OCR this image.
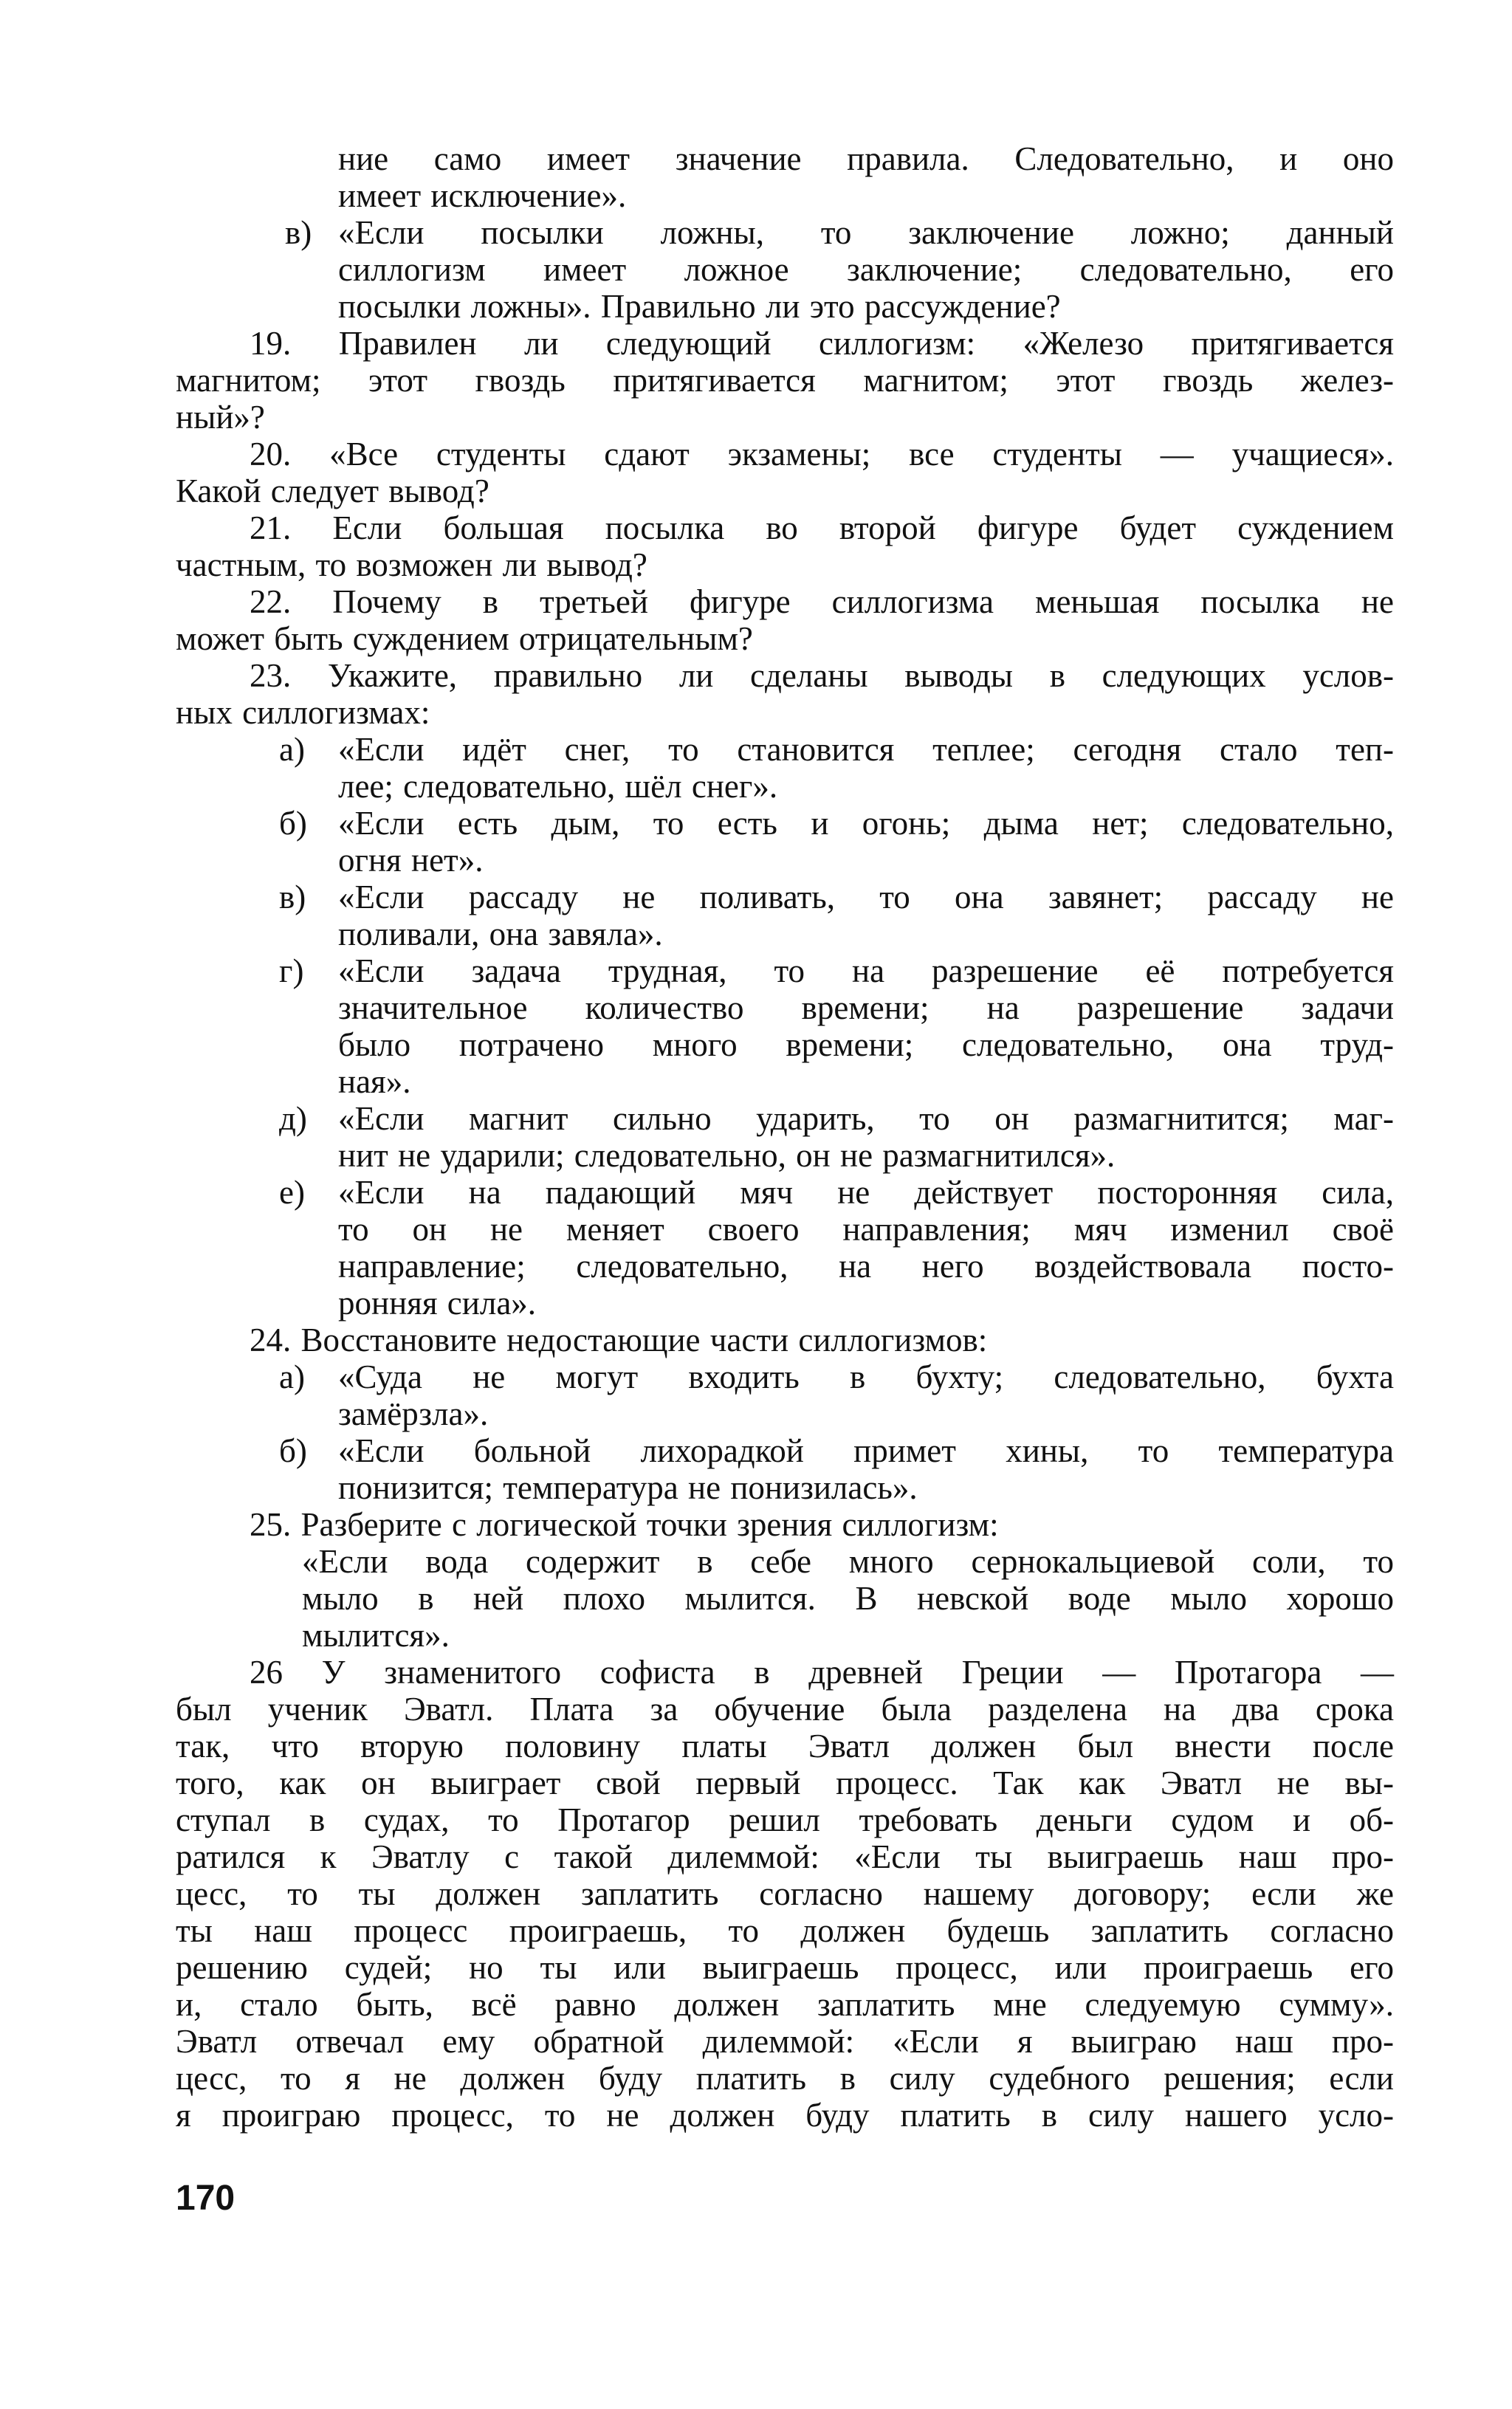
ние само имеет значение правила. Следовательно, и оно
имеет исключение».
в) «Если посылки ложны, то заключение ложно; данный
силлогизм имеет ложное заключение; следовательно, его
посылки ложны». Правильно ли это рассуждение?
19. Правилен ли следующий силлогизм: «Железо притягивается
магнитом; этот гвоздь притягивается магнитом; этот гвоздь желез-
ный»?
20. «Все студенты сдают экзамены; все студенты — учащиеся».
Какой следует вывод?
21. Если большая посылка во второй фигуре будет суждением
частным, то возможен ли вывод?
22. Почему в третьей фигуре силлогизма меньшая посылка не
может быть суждением отрицательным?
23. Укажите, правильно ли сделаны выводы в следующих услов-
ных силлогизмах:
а)	«Если идёт снег, то становится теплее; сегодня стало теп-
лее; следовательно, шёл снег».
б) «Если есть дым, то есть и огонь; дыма нет; следовательно,
огня нет».
в) «Если рассаду не поливать, то она завянет; рассаду не
поливали, она завяла».
г)	«Если задача трудная, то на разрешение её потребуется
значительное количество времени; на разрешение задачи
было потрачено много времени; следовательно, она труд-
ная».
д) «Если магнит сильно ударить, то он размагнитится; маг-
нит не ударили; следовательно, он не размагнитился».
е)	«Если на падающий мяч не действует посторонняя сила,
то он не меняет своего направления; мяч изменил своё
направление; следовательно, на него воздействовала посто-
ронняя сила».
24. Восстановите недостающие части силлогизмов:
а)	«Суда не могут входить в бухту; следовательно, бухта
замёрзла».
б) «Если больной лихорадкой примет хины, то температура
понизится; температура не понизилась».
25. Разберите с логической точки зрения силлогизм:
«Если вода содержит в себе много сернокальциевой соли, то
мыло в ней плохо мылится. В невской воде мыло хорошо
мылится».
26 У знаменитого софиста в древней Греции — Протагора —
был ученик Эватл. Плата за обучение была разделена на два срока
так, что вторую половину платы Эватл должен был внести после
того, как он выиграет свой первый процесс. Так как Эватл не вы-
ступал в судах, то Протагор решил требовать деньги судом и об-
ратился к Эватлу с такой дилеммой: «Если ты выиграешь наш про-
цесс, то ты должен заплатить согласно нашему договору; если же
ты наш процесс проиграешь, то должен будешь заплатить согласно
решению судей; но ты или выиграешь процесс, или проиграешь его
и, стало быть, всё равно должен заплатить мне следуемую сумму».
Эватл отвечал ему обратной дилеммой: «Если я выиграю наш про-
цесс, то я не должен буду платить в силу судебного решения; если
я проиграю процесс, то не должен буду платить в силу нашего усло-
170
